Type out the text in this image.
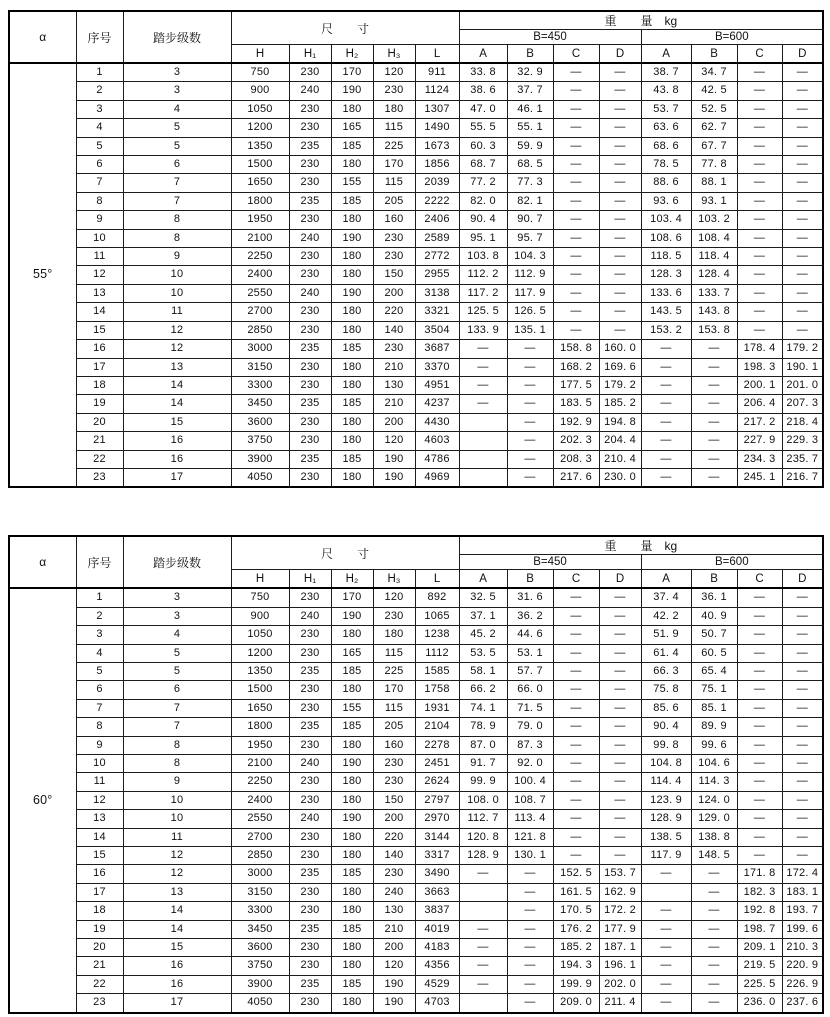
α	序号	踏步级数	尺　　寸					重　　量　kg							
								B=450				B=600			
			H	H₁	H₂	H₃	L	A	B	C	D	A	B	C	D
55°	1	3	750	230	170	120	911	33. 8	32. 9	—	—	38. 7	34. 7	—	—
	2	3	900	240	190	230	1124	38. 6	37. 7	—	—	43. 8	42. 5	—	—
	3	4	1050	230	180	180	1307	47. 0	46. 1	—	—	53. 7	52. 5	—	—
	4	5	1200	230	165	115	1490	55. 5	55. 1	—	—	63. 6	62. 7	—	—
	5	5	1350	235	185	225	1673	60. 3	59. 9	—	—	68. 6	67. 7	—	—
	6	6	1500	230	180	170	1856	68. 7	68. 5	—	—	78. 5	77. 8	—	—
	7	7	1650	230	155	115	2039	77. 2	77. 3	—	—	88. 6	88. 1	—	—
	8	7	1800	235	185	205	2222	82. 0	82. 1	—	—	93. 6	93. 1	—	—
	9	8	1950	230	180	160	2406	90. 4	90. 7	—	—	103. 4	103. 2	—	—
	10	8	2100	240	190	230	2589	95. 1	95. 7	—	—	108. 6	108. 4	—	—
	11	9	2250	230	180	230	2772	103. 8	104. 3	—	—	118. 5	118. 4	—	—
	12	10	2400	230	180	150	2955	112. 2	112. 9	—	—	128. 3	128. 4	—	—
	13	10	2550	240	190	200	3138	117. 2	117. 9	—	—	133. 6	133. 7	—	—
	14	11	2700	230	180	220	3321	125. 5	126. 5	—	—	143. 5	143. 8	—	—
	15	12	2850	230	180	140	3504	133. 9	135. 1	—	—	153. 2	153. 8	—	—
	16	12	3000	235	185	230	3687	—	—	158. 8	160. 0	—	—	178. 4	179. 2
	17	13	3150	230	180	210	3370	—	—	168. 2	169. 6	—	—	198. 3	190. 1
	18	14	3300	230	180	130	4951	—	—	177. 5	179. 2	—	—	200. 1	201. 0
	19	14	3450	235	185	210	4237	—	—	183. 5	185. 2	—	—	206. 4	207. 3
	20	15	3600	230	180	200	4430		—	192. 9	194. 8	—	—	217. 2	218. 4
	21	16	3750	230	180	120	4603		—	202. 3	204. 4	—	—	227. 9	229. 3
	22	16	3900	235	185	190	4786		—	208. 3	210. 4	—	—	234. 3	235. 7
	23	17	4050	230	180	190	4969		—	217. 6	230. 0	—	—	245. 1	216. 7
α	序号	踏步级数	尺　　寸					重　　量　kg							
								B=450				B=600			
			H	H₁	H₂	H₃	L	A	B	C	D	A	B	C	D
60°	1	3	750	230	170	120	892	32. 5	31. 6	—	—	37. 4	36. 1	—	—
	2	3	900	240	190	230	1065	37. 1	36. 2	—	—	42. 2	40. 9	—	—
	3	4	1050	230	180	180	1238	45. 2	44. 6	—	—	51. 9	50. 7	—	—
	4	5	1200	230	165	115	1112	53. 5	53. 1	—	—	61. 4	60. 5	—	—
	5	5	1350	235	185	225	1585	58. 1	57. 7	—	—	66. 3	65. 4	—	—
	6	6	1500	230	180	170	1758	66. 2	66. 0	—	—	75. 8	75. 1	—	—
	7	7	1650	230	155	115	1931	74. 1	71. 5	—	—	85. 6	85. 1	—	—
	8	7	1800	235	185	205	2104	78. 9	79. 0	—	—	90. 4	89. 9	—	—
	9	8	1950	230	180	160	2278	87. 0	87. 3	—	—	99. 8	99. 6	—	—
	10	8	2100	240	190	230	2451	91. 7	92. 0	—	—	104. 8	104. 6	—	—
	11	9	2250	230	180	230	2624	99. 9	100. 4	—	—	114. 4	114. 3	—	—
	12	10	2400	230	180	150	2797	108. 0	108. 7	—	—	123. 9	124. 0	—	—
	13	10	2550	240	190	200	2970	112. 7	113. 4	—	—	128. 9	129. 0	—	—
	14	11	2700	230	180	220	3144	120. 8	121. 8	—	—	138. 5	138. 8	—	—
	15	12	2850	230	180	140	3317	128. 9	130. 1	—	—	117. 9	148. 5	—	—
	16	12	3000	235	185	230	3490	—	—	152. 5	153. 7	—	—	171. 8	172. 4
	17	13	3150	230	180	240	3663		—	161. 5	162. 9		—	182. 3	183. 1
	18	14	3300	230	180	130	3837		—	170. 5	172. 2	—	—	192. 8	193. 7
	19	14	3450	235	185	210	4019	—	—	176. 2	177. 9	—	—	198. 7	199. 6
	20	15	3600	230	180	200	4183	—	—	185. 2	187. 1	—	—	209. 1	210. 3
	21	16	3750	230	180	120	4356	—	—	194. 3	196. 1	—	—	219. 5	220. 9
	22	16	3900	235	185	190	4529	—	—	199. 9	202. 0	—	—	225. 5	226. 9
	23	17	4050	230	180	190	4703		—	209. 0	211. 4	—	—	236. 0	237. 6
